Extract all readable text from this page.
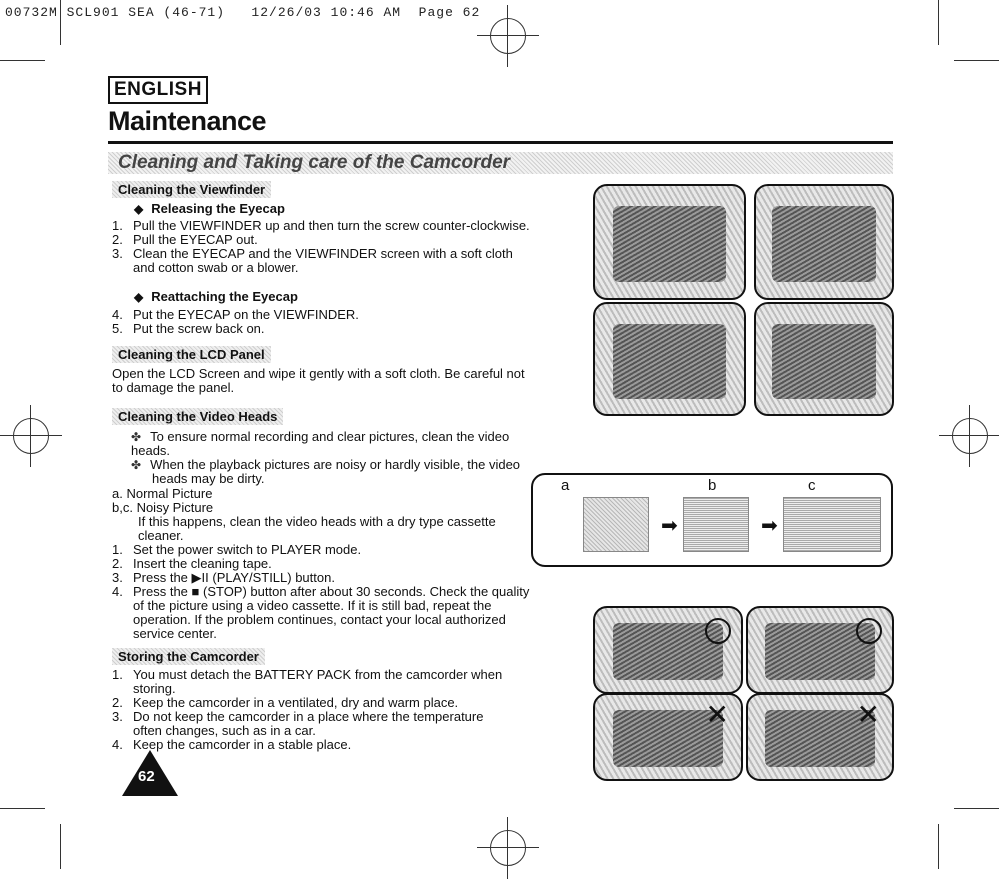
00732M SCL901 SEA (46-71)   12/26/03 10:46 AM  Page 62
ENGLISH
Maintenance
Cleaning and Taking care of the Camcorder
Cleaning the Viewfinder
◆ Releasing the Eyecap
1. Pull the VIEWFINDER up and then turn the screw counter-clockwise.
2. Pull the EYECAP out.
3. Clean the EYECAP and the VIEWFINDER screen with a soft cloth and cotton swab or a blower.
◆ Reattaching the Eyecap
4. Put the EYECAP on the VIEWFINDER.
5. Put the screw back on.
Cleaning the LCD Panel
Open the LCD Screen and wipe it gently with a soft cloth. Be careful not to damage the panel.
Cleaning the Video Heads
✤ To ensure normal recording and clear pictures, clean the video heads.
✤ When the playback pictures are noisy or hardly visible, the video heads may be dirty.
a. Normal Picture
b,c. Noisy Picture
If this happens, clean the video heads with a dry type cassette cleaner.
1. Set the power switch to PLAYER mode.
2. Insert the cleaning tape.
3. Press the ▶II (PLAY/STILL) button.
4. Press the ■ (STOP) button after about 30 seconds. Check the quality of the picture using a video cassette. If it is still bad, repeat the operation. If the problem continues, contact your local authorized service center.
Storing the Camcorder
1. You must detach the BATTERY PACK from the camcorder when storing.
2. Keep the camcorder in a ventilated, dry and warm place.
3. Do not keep the camcorder in a place where the temperature often changes, such as in a car.
4. Keep the camcorder in a stable place.
a	b	c
➡	➡
✕	✕
62
